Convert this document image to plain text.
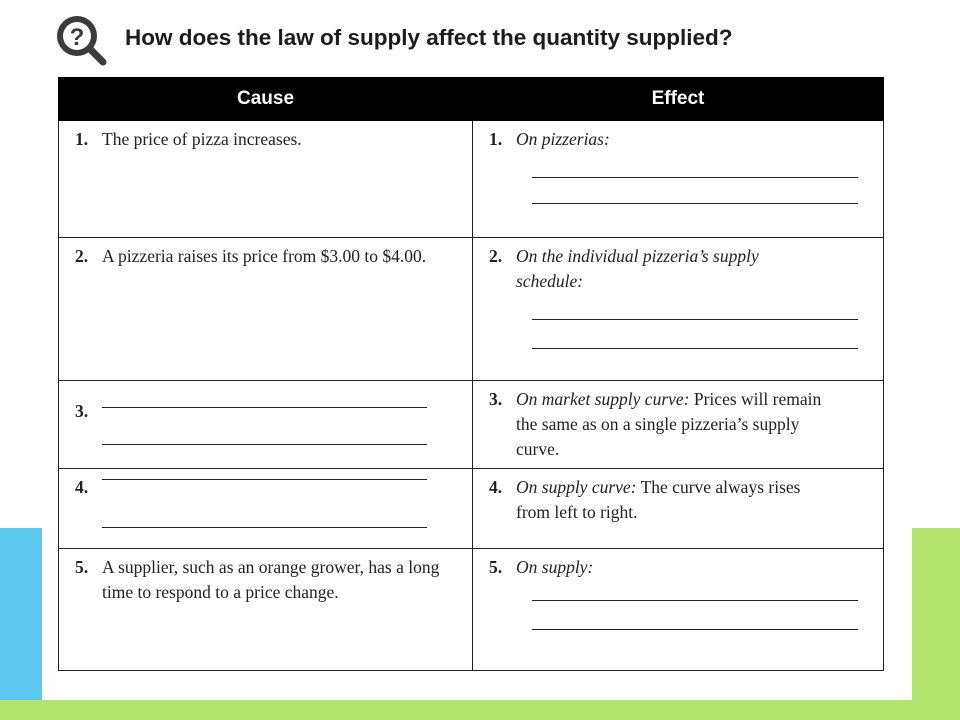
? How does the law of supply affect the quantity supplied?
Cause	Effect

1. The price of pizza increases.	1. On pizzerias:

2. A pizzeria raises its price from $3.00 to $4.00.	2. On the individual pizzeria’s supply schedule:

3.	3. On market supply curve: Prices will remain the same as on a single pizzeria’s supply curve.

4.	4. On supply curve: The curve always rises from left to right.

5. A supplier, such as an orange grower, has a long time to respond to a price change.	5. On supply:
